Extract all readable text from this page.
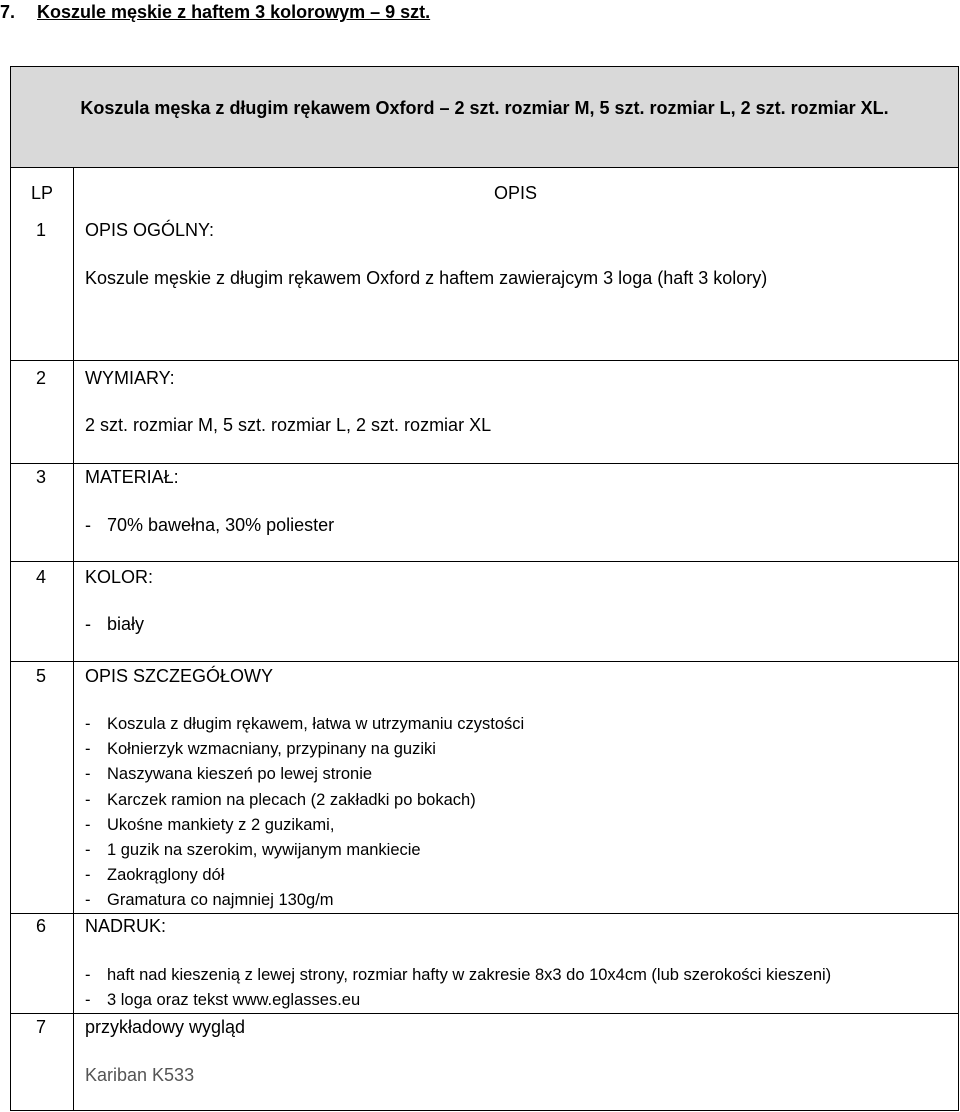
7. Koszule męskie z haftem 3 kolorowym – 9 szt.
Koszula męska z długim rękawem Oxford – 2 szt. rozmiar M, 5 szt. rozmiar L, 2 szt. rozmiar XL.
LP	OPIS
1 OPIS OGÓLNY:
Koszule męskie z długim rękawem Oxford z haftem zawierajcym 3 loga (haft 3 kolory)
2 WYMIARY:
2 szt. rozmiar M, 5 szt. rozmiar L, 2 szt. rozmiar XL
3 MATERIAŁ:
- 70% bawełna, 30% poliester
4 KOLOR:
- biały
5 OPIS SZCZEGÓŁOWY
- Koszula z długim rękawem, łatwa w utrzymaniu czystości
- Kołnierzyk wzmacniany, przypinany na guziki
- Naszywana kieszeń po lewej stronie
- Karczek ramion na plecach (2 zakładki po bokach)
- Ukośne mankiety z 2 guzikami,
- 1 guzik na szerokim, wywijanym mankiecie
- Zaokrąglony dół
- Gramatura co najmniej 130g/m
6 NADRUK:
- haft nad kieszenią z lewej strony, rozmiar hafty w zakresie 8x3 do 10x4cm (lub szerokości kieszeni)
- 3 loga oraz tekst www.eglasses.eu
7 przykładowy wygląd
Kariban K533
